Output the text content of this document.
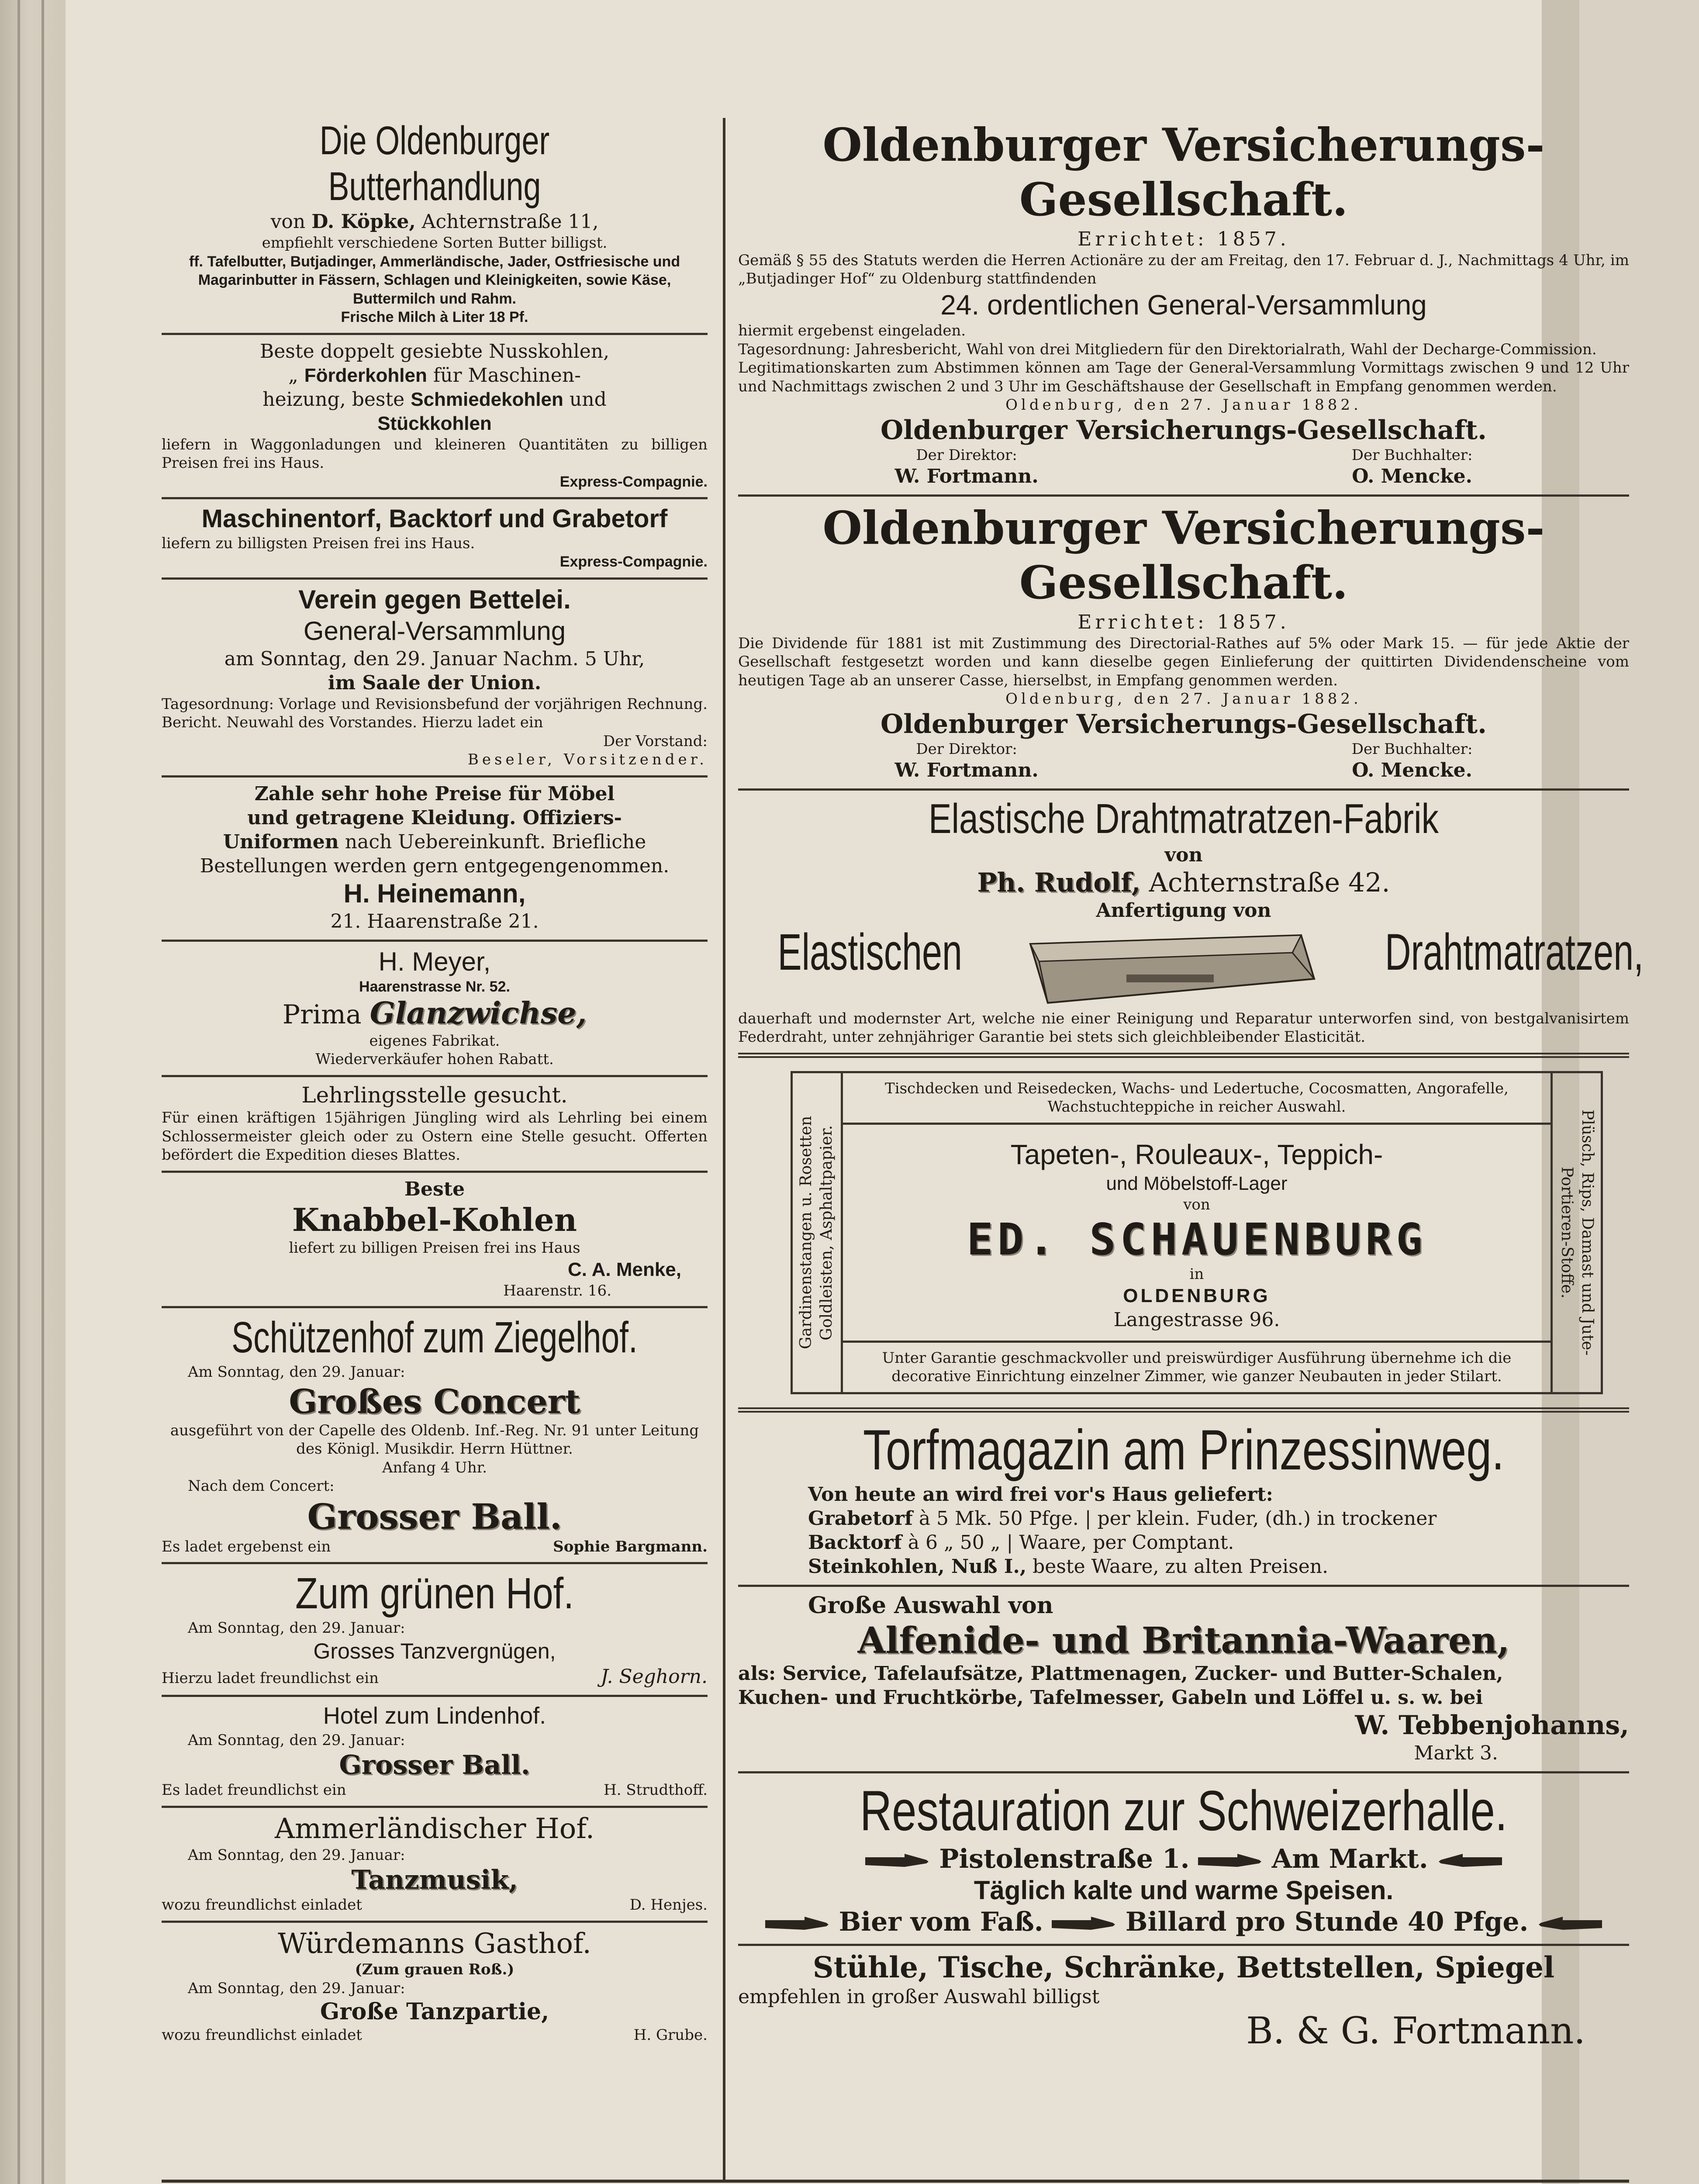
Die Oldenburger Butterhandlung
von D. Köpke, Achternstraße 11,
empfiehlt verschiedene Sorten Butter billigst.
ff. Tafelbutter, Butjadinger, Ammerländische, Jader, Ostfriesische und Magarinbutter in Fässern, Schlagen und Kleinigkeiten, sowie Käse, Buttermilch und Rahm.
Frische Milch à Liter 18 Pf.
Beste doppelt gesiebte Nusskohlen,
„ Förderkohlen für Maschinen-
heizung, beste Schmiedekohlen und
Stückkohlen
liefern in Waggonladungen und kleineren Quantitäten zu billigen Preisen frei ins Haus.
Express-Compagnie.
Maschinentorf, Backtorf und Grabetorf
liefern zu billigsten Preisen frei ins Haus.
Express-Compagnie.
Verein gegen Bettelei.
General-Versammlung
am Sonntag, den 29. Januar Nachm. 5 Uhr,
im Saale der Union.
Tagesordnung: Vorlage und Revisionsbefund der vorjährigen Rechnung. Bericht. Neuwahl des Vorstandes. Hierzu ladet ein
Der Vorstand:
Beseler, Vorsitzender.
Zahle sehr hohe Preise für Möbel
und getragene Kleidung. Offiziers-
Uniformen nach Uebereinkunft. Briefliche
Bestellungen werden gern entgegengenommen.
H. Heinemann,
21. Haarenstraße 21.
H. Meyer,
Haarenstrasse Nr. 52.
Prima Glanzwichse,
eigenes Fabrikat.
Wiederverkäufer hohen Rabatt.
Lehrlingsstelle gesucht.
Für einen kräftigen 15jährigen Jüngling wird als Lehrling bei einem Schlossermeister gleich oder zu Ostern eine Stelle gesucht. Offerten befördert die Expedition dieses Blattes.
Beste
Knabbel-Kohlen
liefert zu billigen Preisen frei ins Haus
C. A. Menke,
Haarenstr. 16.
Schützenhof zum Ziegelhof.
Am Sonntag, den 29. Januar:
Großes Concert
ausgeführt von der Capelle des Oldenb. Inf.-Reg. Nr. 91 unter Leitung des Königl. Musikdir. Herrn Hüttner.
Anfang 4 Uhr.
Nach dem Concert:
Grosser Ball.
Es ladet ergebenst ein	Sophie Bargmann.
Zum grünen Hof.
Am Sonntag, den 29. Januar:
Grosses Tanzvergnügen,
Hierzu ladet freundlichst ein	J. Seghorn.
Hotel zum Lindenhof.
Am Sonntag, den 29. Januar:
Grosser Ball.
Es ladet freundlichst ein	H. Strudthoff.
Ammerländischer Hof.
Am Sonntag, den 29. Januar:
Tanzmusik,
wozu freundlichst einladet	D. Henjes.
Würdemanns Gasthof.
(Zum grauen Roß.)
Am Sonntag, den 29. Januar:
Große Tanzpartie,
wozu freundlichst einladet	H. Grube.
Oldenburger Versicherungs-Gesellschaft.
Errichtet: 1857.
Gemäß § 55 des Statuts werden die Herren Actionäre zu der am Freitag, den 17. Februar d. J., Nachmittags 4 Uhr, im „Butjadinger Hof“ zu Oldenburg stattfindenden
24. ordentlichen General-Versammlung
hiermit ergebenst eingeladen.
Tagesordnung: Jahresbericht, Wahl von drei Mitgliedern für den Direktorialrath, Wahl der Decharge-Commission.
Legitimationskarten zum Abstimmen können am Tage der General-Versammlung Vormittags zwischen 9 und 12 Uhr und Nachmittags zwischen 2 und 3 Uhr im Geschäftshause der Gesellschaft in Empfang genommen werden.
Oldenburg, den 27. Januar 1882.
Oldenburger Versicherungs-Gesellschaft.
Der Direktor:
W. Fortmann.
Der Buchhalter:
O. Mencke.
Oldenburger Versicherungs-Gesellschaft.
Errichtet: 1857.
Die Dividende für 1881 ist mit Zustimmung des Directorial-Rathes auf 5% oder Mark 15. — für jede Aktie der Gesellschaft festgesetzt worden und kann dieselbe gegen Einlieferung der quittirten Dividendenscheine vom heutigen Tage ab an unserer Casse, hierselbst, in Empfang genommen werden.
Oldenburg, den 27. Januar 1882.
Oldenburger Versicherungs-Gesellschaft.
Der Direktor:
W. Fortmann.
Der Buchhalter:
O. Mencke.
Elastische Drahtmatratzen-Fabrik
von
Ph. Rudolf, Achternstraße 42.
Anfertigung von
Elastischen	Drahtmatratzen,
dauerhaft und modernster Art, welche nie einer Reinigung und Reparatur unterworfen sind, von bestgalvanisirtem Federdraht, unter zehnjähriger Garantie bei stets sich gleichbleibender Elasticität.
Gardinenstangen u. Rosetten Goldleisten, Asphaltpapier.	Plüsch, Rips, Damast und Jute-Portieren-Stoffe.
Tischdecken und Reisedecken, Wachs- und Ledertuche, Cocosmatten, Angorafelle, Wachstuchteppiche in reicher Auswahl.
Tapeten-, Rouleaux-, Teppich-
und Möbelstoff-Lager
von
ED. SCHAUENBURG
in
OLDENBURG
Langestrasse 96.
Unter Garantie geschmackvoller und preiswürdiger Ausführung übernehme ich die decorative Einrichtung einzelner Zimmer, wie ganzer Neubauten in jeder Stilart.
Torfmagazin am Prinzessinweg.
Von heute an wird frei vor's Haus geliefert:
Grabetorf à 5 Mk. 50 Pfge. | per klein. Fuder, (dh.) in trockener
Backtorf à 6 „ 50 „ | Waare, per Comptant.
Steinkohlen, Nuß I., beste Waare, zu alten Preisen.
Große Auswahl von
Alfenide- und Britannia-Waaren,
als: Service, Tafelaufsätze, Plattmenagen, Zucker- und Butter-Schalen,
Kuchen- und Fruchtkörbe, Tafelmesser, Gabeln und Löffel u. s. w. bei
W. Tebbenjohanns,
Markt 3.
Restauration zur Schweizerhalle.
Pistolenstraße 1.	Am Markt.
Täglich kalte und warme Speisen.
Bier vom Faß.	Billard pro Stunde 40 Pfge.
Stühle, Tische, Schränke, Bettstellen, Spiegel
empfehlen in großer Auswahl billigst
B. & G. Fortmann.
